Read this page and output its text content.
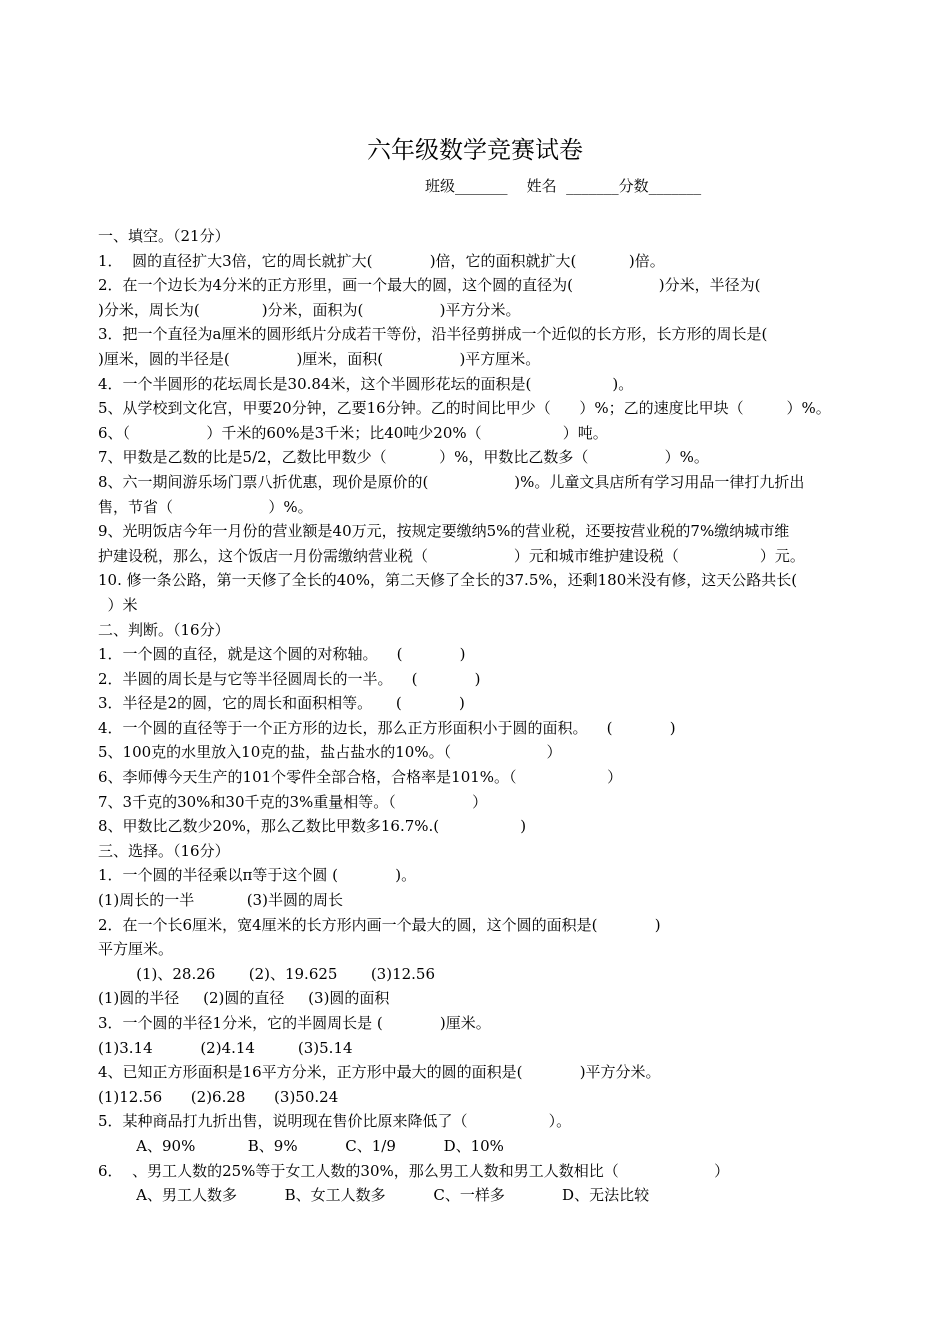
六年级数学竞赛试卷
班级_______    姓名  _______分数_______
一、填空。（21分）
1．  圆的直径扩大3倍，它的周长就扩大(            )倍，它的面积就扩大(           )倍。
2．在一个边长为4分米的正方形里，画一个最大的圆，这个圆的直径为(                  )分米，半径为(
)分米，周长为(             )分米，面积为(                )平方分米。
3．把一个直径为a厘米的圆形纸片分成若干等份，沿半径剪拼成一个近似的长方形，长方形的周长是(
)厘米，圆的半径是(              )厘米，面积(                )平方厘米。
4．一个半圆形的花坛周长是30.84米，这个半圆形花坛的面积是(                 )。
5、从学校到文化宫，甲要20分钟，乙要16分钟。乙的时间比甲少（      ）%；乙的速度比甲块（         ）%。
6、（                ）千米的60%是3千米；比40吨少20%（                 ）吨。
7、甲数是乙数的比是5/2，乙数比甲数少（           ）%，甲数比乙数多（                ）%。
8、六一期间游乐场门票八折优惠，现价是原价的(                  )%。儿童文具店所有学习用品一律打九折出
售，节省（                    ）%。
9、光明饭店今年一月份的营业额是40万元，按规定要缴纳5%的营业税，还要按营业税的7%缴纳城市维
护建设税，那么，这个饭店一月份需缴纳营业税（                  ）元和城市维护建设税（                 ）元。
10. 修一条公路，第一天修了全长的40%，第二天修了全长的37.5%，还剩180米没有修，这天公路共长(
）米
二、判断。（16分）
1．一个圆的直径，就是这个圆的对称轴。    (            )
2．半圆的周长是与它等半径圆周长的一半。    (            )
3．半径是2的圆，它的周长和面积相等。     (            )
4．一个圆的直径等于一个正方形的边长，那么正方形面积小于圆的面积。    (            )
5、100克的水里放入10克的盐，盐占盐水的10%。（                    ）
6、李师傅今天生产的101个零件全部合格，合格率是101%。（                   ）
7、3千克的30%和30千克的3%重量相等。（                ）
8、甲数比乙数少20%，那么乙数比甲数多16.7%.(                 )
三、选择。（16分）
1．一个圆的半径乘以π等于这个圆 (            )。
(1)周长的一半           (3)半圆的周长
2．在一个长6厘米，宽4厘米的长方形内画一个最大的圆，这个圆的面积是(            )
平方厘米。
(1)、28.26       (2)、19.625       (3)12.56
(1)圆的半径     (2)圆的直径     (3)圆的面积
3．一个圆的半径1分米，它的半圆周长是 (            )厘米。
(1)3.14          (2)4.14         (3)5.14
4、已知正方形面积是16平方分米，正方形中最大的圆的面积是(            )平方分米。
(1)12.56      (2)6.28      (3)50.24
5．某种商品打九折出售，说明现在售价比原来降低了（                 ）。
A、90%           B、9%          C、1/9          D、10%
6．  、男工人数的25%等于女工人数的30%，那么男工人数和男工人数相比（                    ）
A、男工人数多          B、女工人数多          C、一样多            D、无法比较
